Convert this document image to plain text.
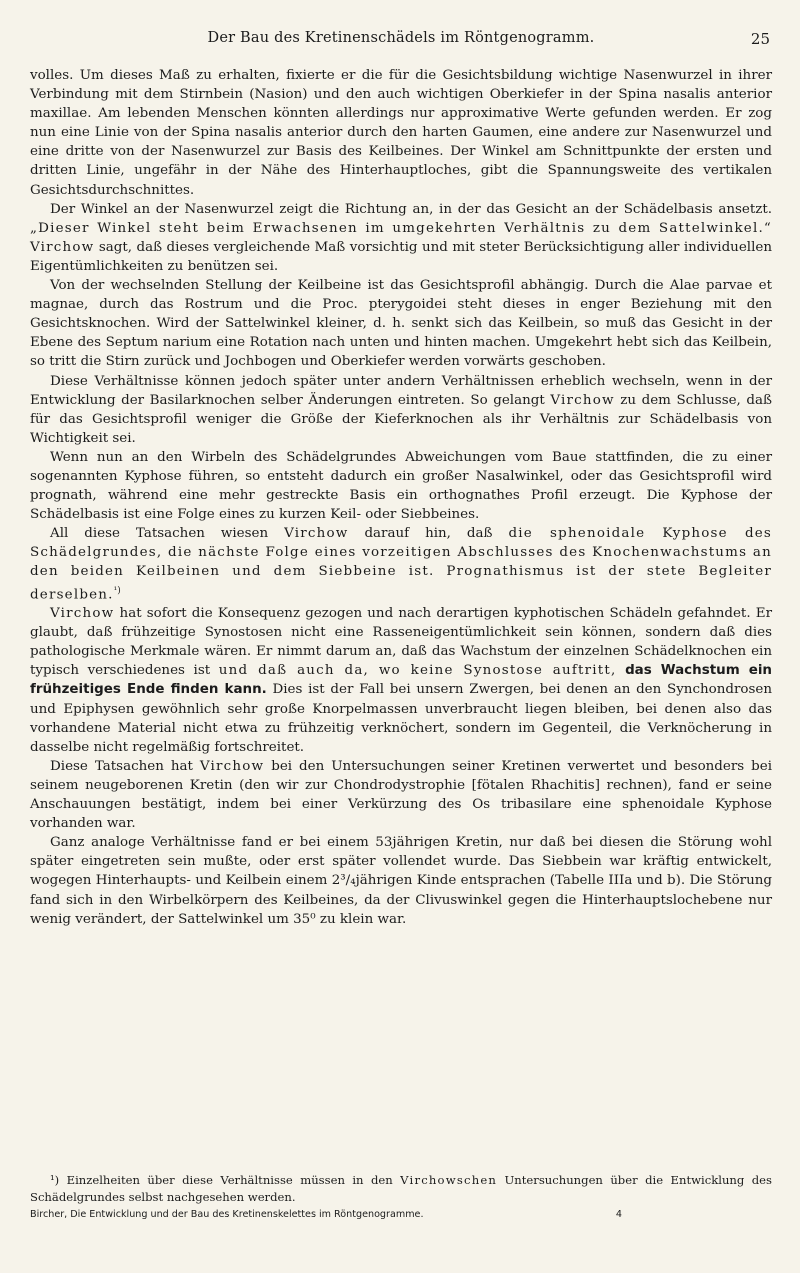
Der Bau des Kretinenschädels im Röntgenogramm.	25

volles. Um dieses Maß zu erhalten, fixierte er die für die Gesichtsbildung wichtige Nasenwurzel in ihrer Verbindung mit dem Stirnbein (Nasion) und den auch wichtigen Oberkiefer in der Spina nasalis anterior maxillae. Am lebenden Menschen könnten allerdings nur approximative Werte gefunden werden. Er zog nun eine Linie von der Spina nasalis anterior durch den harten Gaumen, eine andere zur Nasenwurzel und eine dritte von der Nasenwurzel zur Basis des Keilbeines. Der Winkel am Schnittpunkte der ersten und dritten Linie, ungefähr in der Nähe des Hinterhauptloches, gibt die Spannungsweite des vertikalen Gesichtsdurchschnittes.

Der Winkel an der Nasenwurzel zeigt die Richtung an, in der das Gesicht an der Schädelbasis ansetzt. „Dieser Winkel steht beim Erwachsenen im umgekehrten Verhältnis zu dem Sattelwinkel.“ Virchow sagt, daß dieses vergleichende Maß vorsichtig und mit steter Berücksichtigung aller individuellen Eigentümlichkeiten zu benützen sei.

Von der wechselnden Stellung der Keilbeine ist das Gesichtsprofil abhängig. Durch die Alae parvae et magnae, durch das Rostrum und die Proc. pterygoidei steht dieses in enger Beziehung mit den Gesichtsknochen. Wird der Sattelwinkel kleiner, d. h. senkt sich das Keilbein, so muß das Gesicht in der Ebene des Septum narium eine Rotation nach unten und hinten machen. Umgekehrt hebt sich das Keilbein, so tritt die Stirn zurück und Jochbogen und Oberkiefer werden vorwärts geschoben.

Diese Verhältnisse können jedoch später unter andern Verhältnissen erheblich wechseln, wenn in der Entwicklung der Basilarknochen selber Änderungen eintreten. So gelangt Virchow zu dem Schlusse, daß für das Gesichtsprofil weniger die Größe der Kieferknochen als ihr Verhältnis zur Schädelbasis von Wichtigkeit sei.

Wenn nun an den Wirbeln des Schädelgrundes Abweichungen vom Baue stattfinden, die zu einer sogenannten Kyphose führen, so entsteht dadurch ein großer Nasalwinkel, oder das Gesichtsprofil wird prognath, während eine mehr gestreckte Basis ein orthognathes Profil erzeugt. Die Kyphose der Schädelbasis ist eine Folge eines zu kurzen Keil- oder Siebbeines.

All diese Tatsachen wiesen Virchow darauf hin, daß die sphenoidale Kyphose des Schädelgrundes, die nächste Folge eines vorzeitigen Abschlusses des Knochenwachstums an den beiden Keilbeinen und dem Siebbeine ist. Prognathismus ist der stete Begleiter derselben.$^{^1)}$

Virchow hat sofort die Konsequenz gezogen und nach derartigen kyphotischen Schädeln gefahndet. Er glaubt, daß frühzeitige Synostosen nicht eine Rasseneigentümlichkeit sein können, sondern daß dies pathologische Merkmale wären. Er nimmt darum an, daß das Wachstum der einzelnen Schädelknochen ein typisch verschiedenes ist und daß auch da, wo keine Synostose auftritt, das Wachstum ein frühzeitiges Ende finden kann. Dies ist der Fall bei unsern Zwergen, bei denen an den Synchondrosen und Epiphysen gewöhnlich sehr große Knorpelmassen unverbraucht liegen bleiben, bei denen also das vorhandene Material nicht etwa zu frühzeitig verknöchert, sondern im Gegenteil, die Verknöcherung in dasselbe nicht regelmäßig fortschreitet.

Diese Tatsachen hat Virchow bei den Untersuchungen seiner Kretinen verwertet und besonders bei seinem neugeborenen Kretin (den wir zur Chondrodystrophie [fötalen Rhachitis] rechnen), fand er seine Anschauungen bestätigt, indem bei einer Verkürzung des Os tribasilare eine sphenoidale Kyphose vorhanden war.

Ganz analoge Verhältnisse fand er bei einem 53jährigen Kretin, nur daß bei diesen die Störung wohl später eingetreten sein mußte, oder erst später vollendet wurde. Das Siebbein war kräftig entwickelt, wogegen Hinterhaupts- und Keilbein einem 2³/₄jährigen Kinde entsprachen (Tabelle IIIa und b). Die Störung fand sich in den Wirbelkörpern des Keilbeines, da der Clivuswinkel gegen die Hinterhauptslochebene nur wenig verändert, der Sattelwinkel um 35⁰ zu klein war.

¹) Einzelheiten über diese Verhältnisse müssen in den Virchowschen Untersuchungen über die Entwicklung des Schädelgrundes selbst nachgesehen werden.

Bircher, Die Entwicklung und der Bau des Kretinenskelettes im Röntgenogramme.	4
